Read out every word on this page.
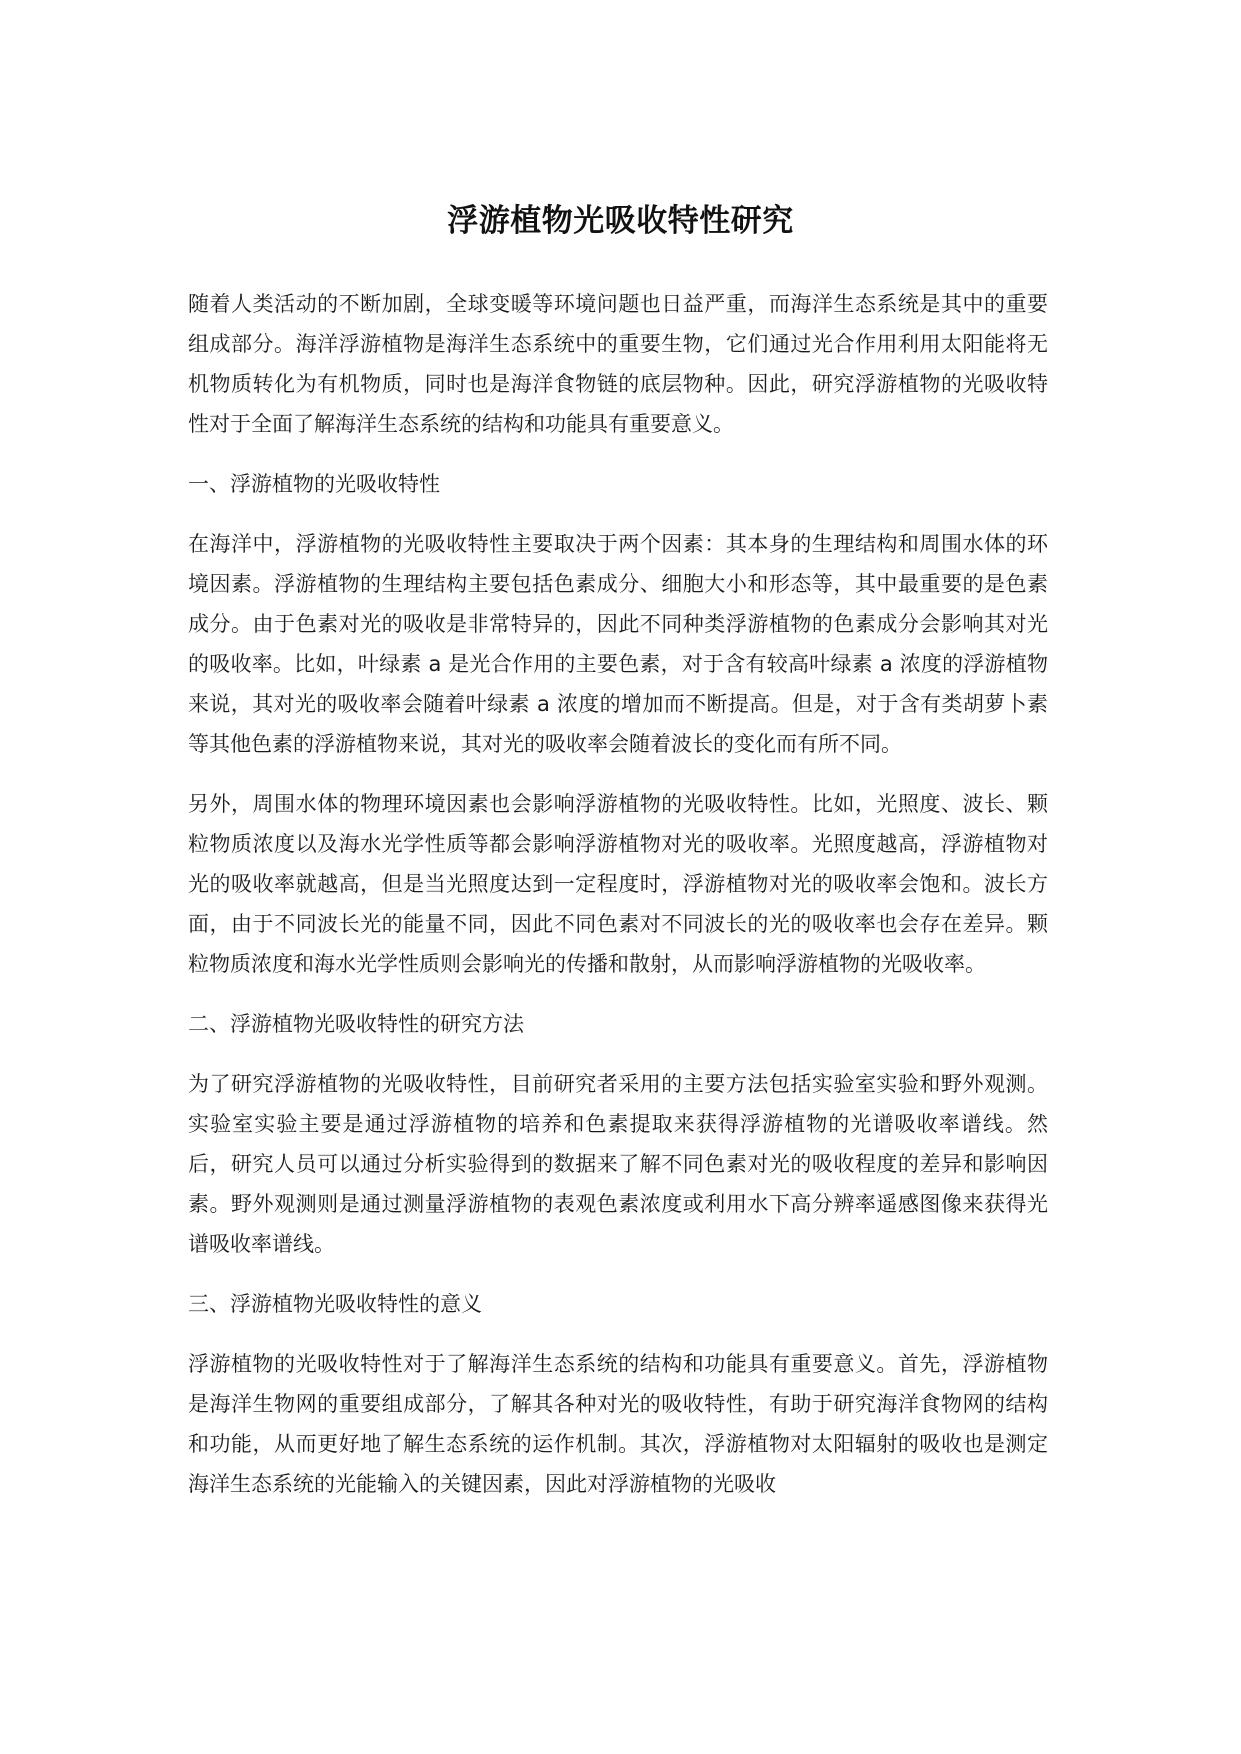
浮游植物光吸收特性研究

随着人类活动的不断加剧，全球变暖等环境问题也日益严重，而海洋生态系统是其中的重要组成部分。海洋浮游植物是海洋生态系统中的重要生物，它们通过光合作用利用太阳能将无机物质转化为有机物质，同时也是海洋食物链的底层物种。因此，研究浮游植物的光吸收特性对于全面了解海洋生态系统的结构和功能具有重要意义。

一、浮游植物的光吸收特性

在海洋中，浮游植物的光吸收特性主要取决于两个因素：其本身的生理结构和周围水体的环境因素。浮游植物的生理结构主要包括色素成分、细胞大小和形态等，其中最重要的是色素成分。由于色素对光的吸收是非常特异的，因此不同种类浮游植物的色素成分会影响其对光的吸收率。比如，叶绿素 a 是光合作用的主要色素，对于含有较高叶绿素 a 浓度的浮游植物来说，其对光的吸收率会随着叶绿素 a 浓度的增加而不断提高。但是，对于含有类胡萝卜素等其他色素的浮游植物来说，其对光的吸收率会随着波长的变化而有所不同。

另外，周围水体的物理环境因素也会影响浮游植物的光吸收特性。比如，光照度、波长、颗粒物质浓度以及海水光学性质等都会影响浮游植物对光的吸收率。光照度越高，浮游植物对光的吸收率就越高，但是当光照度达到一定程度时，浮游植物对光的吸收率会饱和。波长方面，由于不同波长光的能量不同，因此不同色素对不同波长的光的吸收率也会存在差异。颗粒物质浓度和海水光学性质则会影响光的传播和散射，从而影响浮游植物的光吸收率。

二、浮游植物光吸收特性的研究方法

为了研究浮游植物的光吸收特性，目前研究者采用的主要方法包括实验室实验和野外观测。实验室实验主要是通过浮游植物的培养和色素提取来获得浮游植物的光谱吸收率谱线。然后，研究人员可以通过分析实验得到的数据来了解不同色素对光的吸收程度的差异和影响因素。野外观测则是通过测量浮游植物的表观色素浓度或利用水下高分辨率遥感图像来获得光谱吸收率谱线。

三、浮游植物光吸收特性的意义

浮游植物的光吸收特性对于了解海洋生态系统的结构和功能具有重要意义。首先，浮游植物是海洋生物网的重要组成部分，了解其各种对光的吸收特性，有助于研究海洋食物网的结构和功能，从而更好地了解生态系统的运作机制。其次，浮游植物对太阳辐射的吸收也是测定海洋生态系统的光能输入的关键因素，因此对浮游植物的光吸收
